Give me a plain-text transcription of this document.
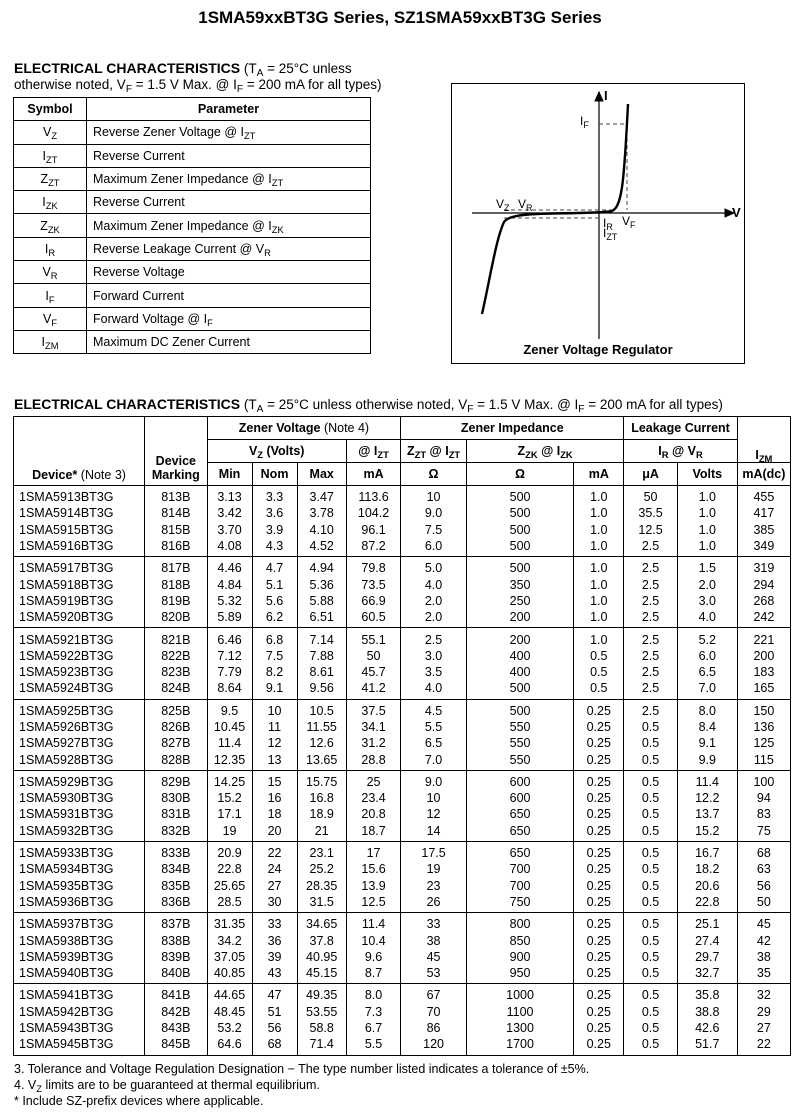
1SMA59xxBT3G Series, SZ1SMA59xxBT3G Series
ELECTRICAL CHARACTERISTICS ($T_A = 25^\circ C$ unless
otherwise noted, $V_F = 1.5$ V Max. @ $I_F = 200$ mA for all types)
Symbol	Parameter
$V_Z$	Reverse Zener Voltage @ $I_{ZT}$
$I_{ZT}$	Reverse Current
$Z_{ZT}$	Maximum Zener Impedance @ $I_{ZT}$
$I_{ZK}$	Reverse Current
$Z_{ZK}$	Maximum Zener Impedance @ $I_{ZK}$
$I_R$	Reverse Leakage Current @ $V_R$
$V_R$	Reverse Voltage
$I_F$	Forward Current
$V_F$	Forward Voltage @ $I_F$
$I_{ZM}$	Maximum DC Zener Current
I
V
$I_F$
$V_Z$ $V_R$
$I_R$
$I_{ZT}$
$V_F$
Zener Voltage Regulator
ELECTRICAL CHARACTERISTICS ($T_A = 25^\circ C$ unless otherwise noted, $V_F = 1.5$ V Max. @ $I_F = 200$ mA for all types)
Device* (Note 3)	Device
Marking	Zener Voltage (Note 4)				Zener Impedance			Leakage Current		$I_{ZM}$
		$V_Z$ (Volts)			@ $I_{ZT}$	$Z_{ZT}$ @ $I_{ZT}$	$Z_{ZK}$ @ $I_{ZK}$		$I_R$ @ $V_R$
		Min	Nom	Max	mA	Ω	Ω	mA	μA	Volts	mA(dc)
1SMA5913BT3G	813B	3.13	3.3	3.47	113.6	10	500	1.0	50	1.0	455
1SMA5914BT3G	814B	3.42	3.6	3.78	104.2	9.0	500	1.0	35.5	1.0	417
1SMA5915BT3G	815B	3.70	3.9	4.10	96.1	7.5	500	1.0	12.5	1.0	385
1SMA5916BT3G	816B	4.08	4.3	4.52	87.2	6.0	500	1.0	2.5	1.0	349
1SMA5917BT3G	817B	4.46	4.7	4.94	79.8	5.0	500	1.0	2.5	1.5	319
1SMA5918BT3G	818B	4.84	5.1	5.36	73.5	4.0	350	1.0	2.5	2.0	294
1SMA5919BT3G	819B	5.32	5.6	5.88	66.9	2.0	250	1.0	2.5	3.0	268
1SMA5920BT3G	820B	5.89	6.2	6.51	60.5	2.0	200	1.0	2.5	4.0	242
1SMA5921BT3G	821B	6.46	6.8	7.14	55.1	2.5	200	1.0	2.5	5.2	221
1SMA5922BT3G	822B	7.12	7.5	7.88	50	3.0	400	0.5	2.5	6.0	200
1SMA5923BT3G	823B	7.79	8.2	8.61	45.7	3.5	400	0.5	2.5	6.5	183
1SMA5924BT3G	824B	8.64	9.1	9.56	41.2	4.0	500	0.5	2.5	7.0	165
1SMA5925BT3G	825B	9.5	10	10.5	37.5	4.5	500	0.25	2.5	8.0	150
1SMA5926BT3G	826B	10.45	11	11.55	34.1	5.5	550	0.25	0.5	8.4	136
1SMA5927BT3G	827B	11.4	12	12.6	31.2	6.5	550	0.25	0.5	9.1	125
1SMA5928BT3G	828B	12.35	13	13.65	28.8	7.0	550	0.25	0.5	9.9	115
1SMA5929BT3G	829B	14.25	15	15.75	25	9.0	600	0.25	0.5	11.4	100
1SMA5930BT3G	830B	15.2	16	16.8	23.4	10	600	0.25	0.5	12.2	94
1SMA5931BT3G	831B	17.1	18	18.9	20.8	12	650	0.25	0.5	13.7	83
1SMA5932BT3G	832B	19	20	21	18.7	14	650	0.25	0.5	15.2	75
1SMA5933BT3G	833B	20.9	22	23.1	17	17.5	650	0.25	0.5	16.7	68
1SMA5934BT3G	834B	22.8	24	25.2	15.6	19	700	0.25	0.5	18.2	63
1SMA5935BT3G	835B	25.65	27	28.35	13.9	23	700	0.25	0.5	20.6	56
1SMA5936BT3G	836B	28.5	30	31.5	12.5	26	750	0.25	0.5	22.8	50
1SMA5937BT3G	837B	31.35	33	34.65	11.4	33	800	0.25	0.5	25.1	45
1SMA5938BT3G	838B	34.2	36	37.8	10.4	38	850	0.25	0.5	27.4	42
1SMA5939BT3G	839B	37.05	39	40.95	9.6	45	900	0.25	0.5	29.7	38
1SMA5940BT3G	840B	40.85	43	45.15	8.7	53	950	0.25	0.5	32.7	35
1SMA5941BT3G	841B	44.65	47	49.35	8.0	67	1000	0.25	0.5	35.8	32
1SMA5942BT3G	842B	48.45	51	53.55	7.3	70	1100	0.25	0.5	38.8	29
1SMA5943BT3G	843B	53.2	56	58.8	6.7	86	1300	0.25	0.5	42.6	27
1SMA5945BT3G	845B	64.6	68	71.4	5.5	120	1700	0.25	0.5	51.7	22
3. Tolerance and Voltage Regulation Designation − The type number listed indicates a tolerance of ±5%.
4. $V_Z$ limits are to be guaranteed at thermal equilibrium.
* Include SZ-prefix devices where applicable.
